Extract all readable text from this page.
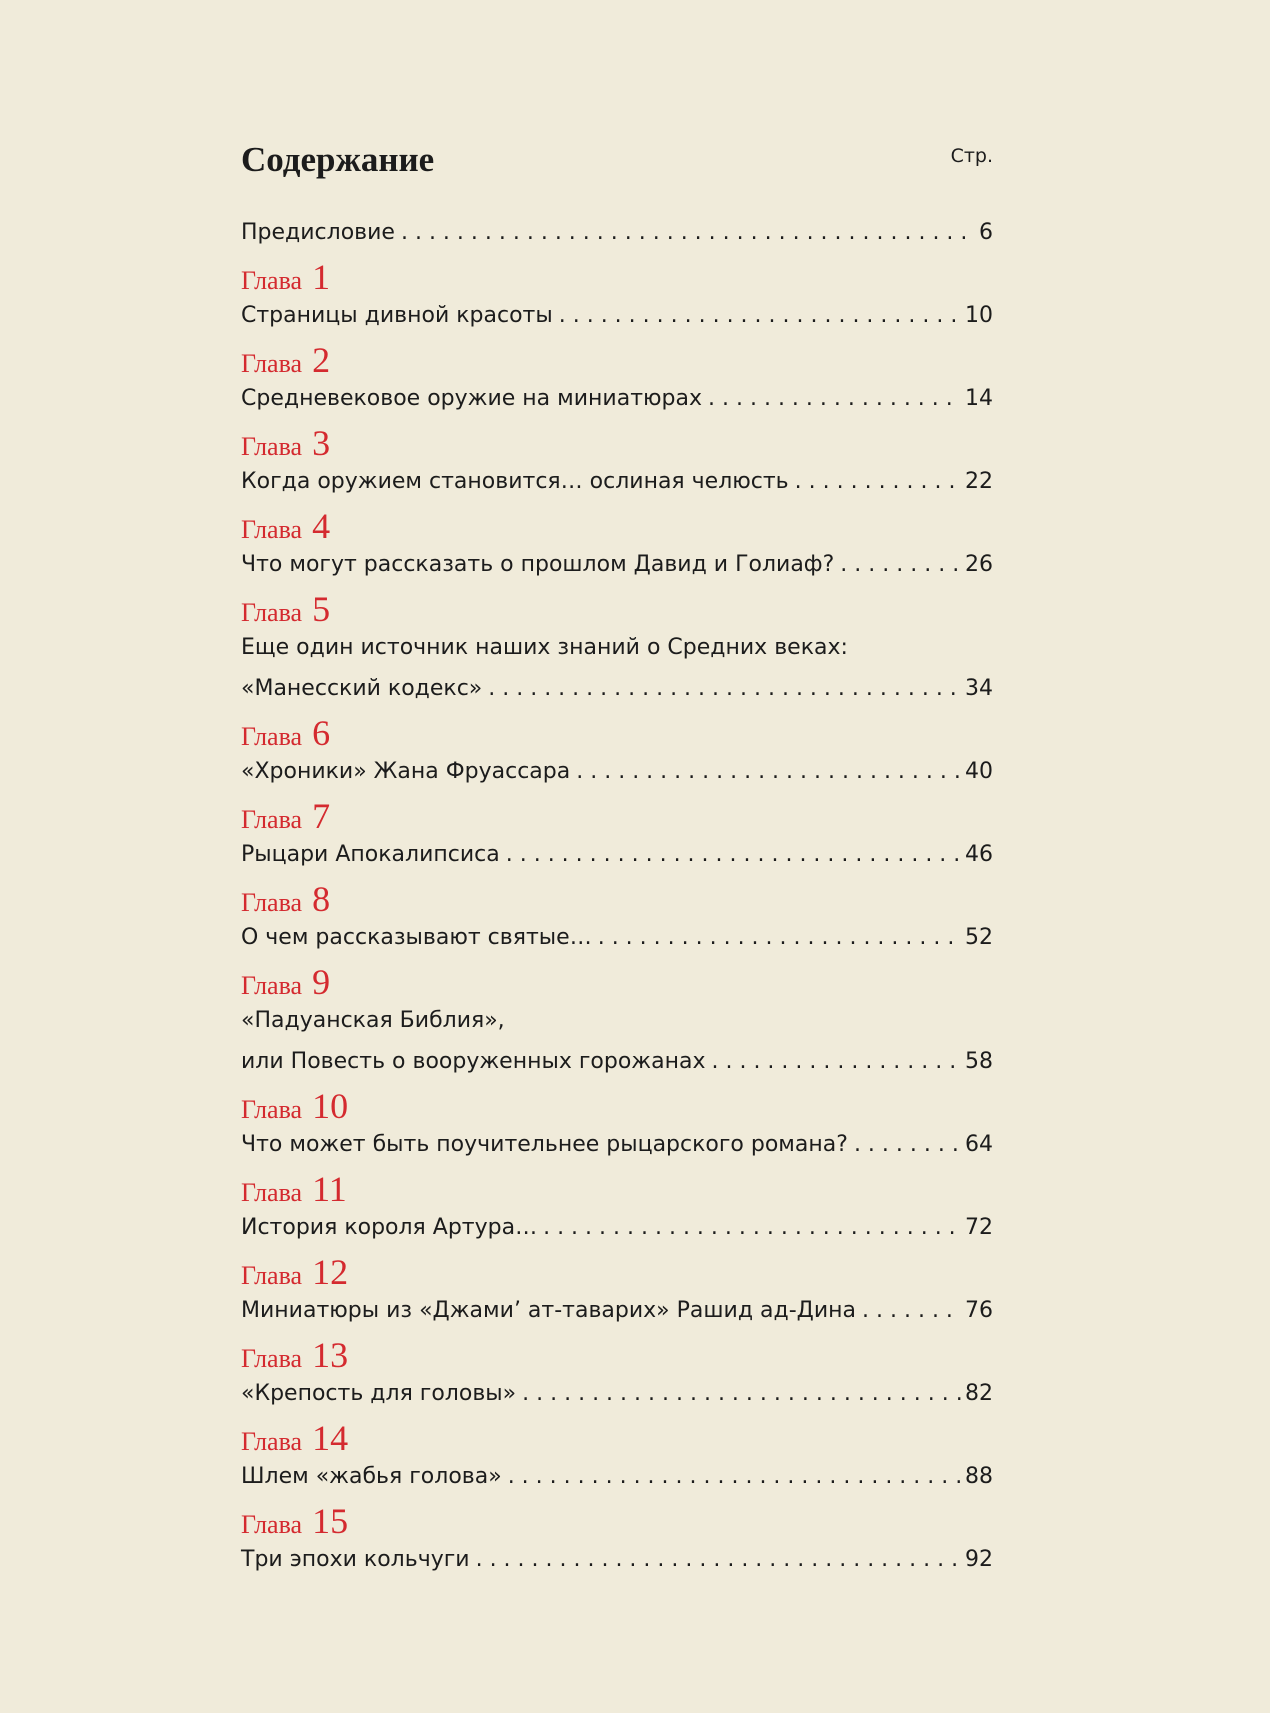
Содержание	Стр.
Предисловие . . .	6
Глава 1
Страницы дивной красоты . . .	10
Глава 2
Средневековое оружие на миниатюрах . . .	14
Глава 3
Когда оружием становится… ослиная челюсть . . .	22
Глава 4
Что могут рассказать о прошлом Давид и Голиаф? . . .	26
Глава 5
Еще один источник наших знаний о Средних веках:
«Манесский кодекс» . . .	34
Глава 6
«Хроники» Жана Фруассара . . .	40
Глава 7
Рыцари Апокалипсиса . . .	46
Глава 8
О чем рассказывают святые… . . .	52
Глава 9
«Падуанская Библия»,
или Повесть о вооруженных горожанах . . .	58
Глава 10
Что может быть поучительнее рыцарского романа? . . .	64
Глава 11
История короля Артура… . . .	72
Глава 12
Миниатюры из «Джами’ ат-таварих» Рашид ад-Дина . . .	76
Глава 13
«Крепость для головы» . . .	82
Глава 14
Шлем «жабья голова» . . .	88
Глава 15
Три эпохи кольчуги . . .	92
